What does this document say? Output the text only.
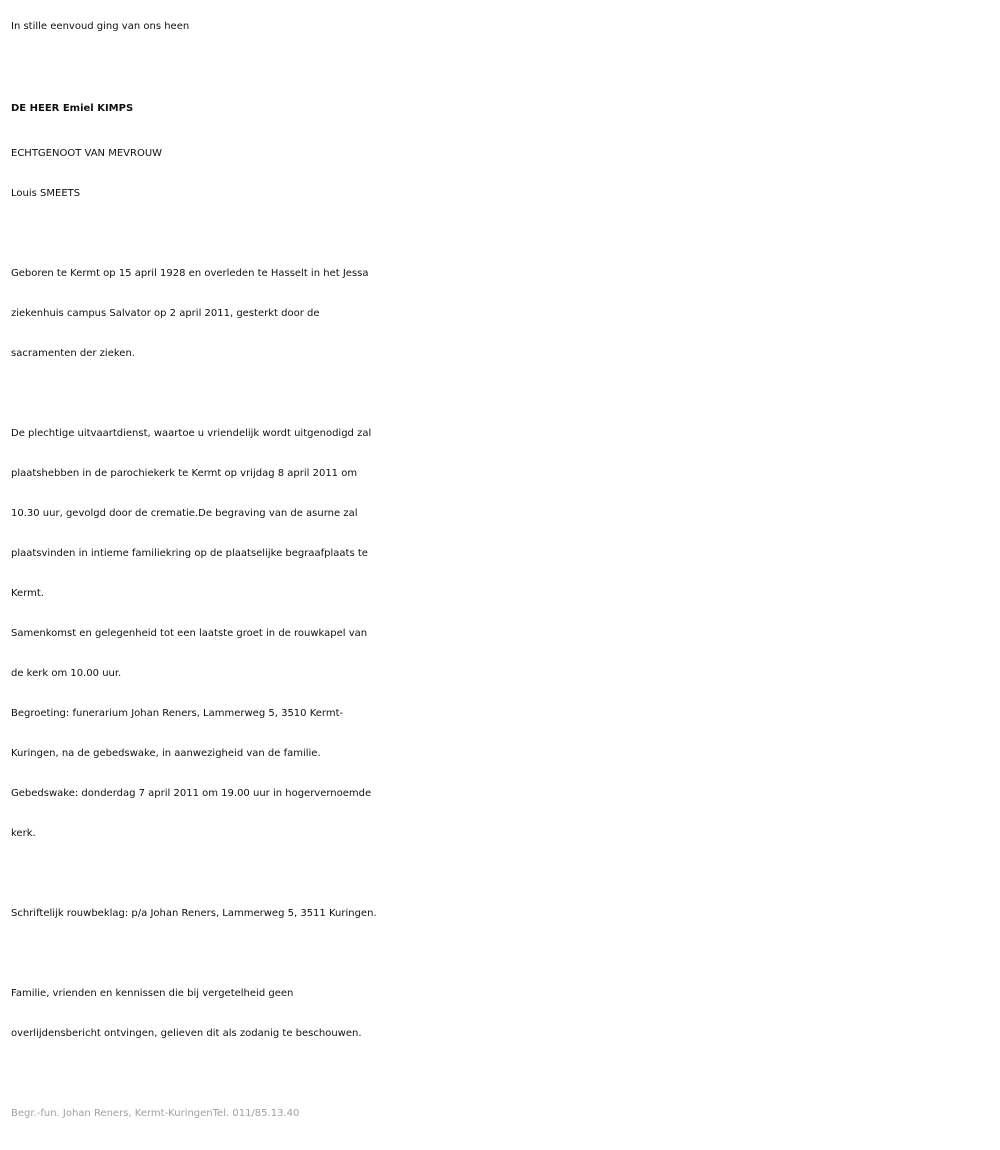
In stille eenvoud ging van ons heen
DE HEER Emiel KIMPS
ECHTGENOOT VAN MEVROUW
Louis SMEETS
Geboren te Kermt op 15 april 1928 en overleden te Hasselt in het Jessa
ziekenhuis campus Salvator op 2 april 2011, gesterkt door de
sacramenten der zieken.
De plechtige uitvaartdienst, waartoe u vriendelijk wordt uitgenodigd zal
plaatshebben in de parochiekerk te Kermt op vrijdag 8 april 2011 om
10.30 uur, gevolgd door de crematie.De begraving van de asurne zal
plaatsvinden in intieme familiekring op de plaatselijke begraafplaats te
Kermt.
Samenkomst en gelegenheid tot een laatste groet in de rouwkapel van
de kerk om 10.00 uur.
Begroeting: funerarium Johan Reners, Lammerweg 5, 3510 Kermt-
Kuringen, na de gebedswake, in aanwezigheid van de familie.
Gebedswake: donderdag 7 april 2011 om 19.00 uur in hogervernoemde
kerk.
Schriftelijk rouwbeklag: p/a Johan Reners, Lammerweg 5, 3511 Kuringen.
Familie, vrienden en kennissen die bij vergetelheid geen
overlijdensbericht ontvingen, gelieven dit als zodanig te beschouwen.
Begr.-fun. Johan Reners, Kermt-KuringenTel. 011/85.13.40
